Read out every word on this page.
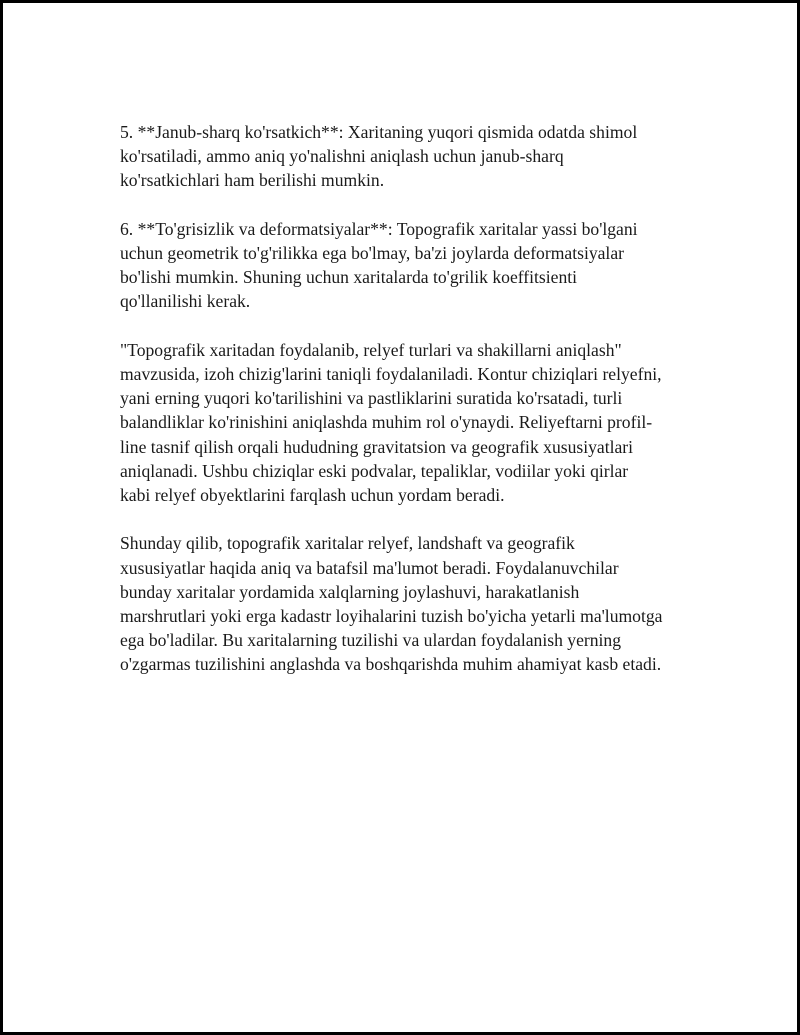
5. **Janub-sharq ko'rsatkich**: Xaritaning yuqori qismida odatda shimol
ko'rsatiladi, ammo aniq yo'nalishni aniqlash uchun janub-sharq
ko'rsatkichlari ham berilishi mumkin.

6. **To'grisizlik va deformatsiyalar**: Topografik xaritalar yassi bo'lgani
uchun geometrik to'g'rilikka ega bo'lmay, ba'zi joylarda deformatsiyalar
bo'lishi mumkin. Shuning uchun xaritalarda to'grilik koeffitsienti
qo'llanilishi kerak.

"Topografik xaritadan foydalanib, relyef turlari va shakillarni aniqlash"
mavzusida, izoh chizig'larini taniqli foydalaniladi. Kontur chiziqlari relyefni,
yani erning yuqori ko'tarilishini va pastliklarini suratida ko'rsatadi, turli
balandliklar ko'rinishini aniqlashda muhim rol o'ynaydi. Reliyeftarni profil-
line tasnif qilish orqali hududning gravitatsion va geografik xususiyatlari
aniqlanadi. Ushbu chiziqlar eski podvalar, tepaliklar, vodiilar yoki qirlar
kabi relyef obyektlarini farqlash uchun yordam beradi.

Shunday qilib, topografik xaritalar relyef, landshaft va geografik
xususiyatlar haqida aniq va batafsil ma'lumot beradi. Foydalanuvchilar
bunday xaritalar yordamida xalqlarning joylashuvi, harakatlanish
marshrutlari yoki erga kadastr loyihalarini tuzish bo'yicha yetarli ma'lumotga
ega bo'ladilar. Bu xaritalarning tuzilishi va ulardan foydalanish yerning
o'zgarmas tuzilishini anglashda va boshqarishda muhim ahamiyat kasb etadi.
